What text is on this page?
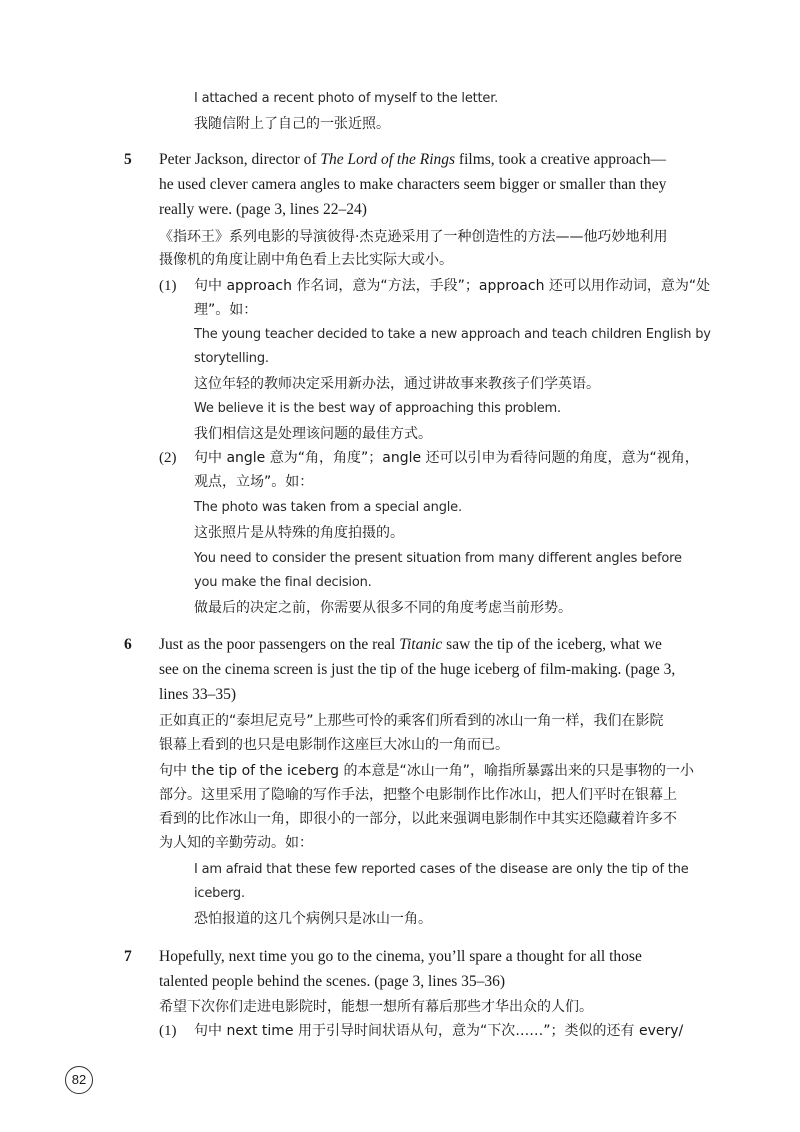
I attached a recent photo of myself to the letter.
我随信附上了自己的一张近照。
5 Peter Jackson, director of The Lord of the Rings films, took a creative approach—
he used clever camera angles to make characters seem bigger or smaller than they
really were. (page 3, lines 22–24)
《指环王》系列电影的导演彼得·杰克逊采用了一种创造性的方法——他巧妙地利用
摄像机的角度让剧中角色看上去比实际大或小。
(1) 句中 approach 作名词，意为“方法，手段”；approach 还可以用作动词，意为“处
理”。如：
The young teacher decided to take a new approach and teach children English by
storytelling.
这位年轻的教师决定采用新办法，通过讲故事来教孩子们学英语。
We believe it is the best way of approaching this problem.
我们相信这是处理该问题的最佳方式。
(2) 句中 angle 意为“角，角度”；angle 还可以引申为看待问题的角度，意为“视角，
观点，立场”。如：
The photo was taken from a special angle.
这张照片是从特殊的角度拍摄的。
You need to consider the present situation from many different angles before
you make the final decision.
做最后的决定之前，你需要从很多不同的角度考虑当前形势。
6 Just as the poor passengers on the real Titanic saw the tip of the iceberg, what we
see on the cinema screen is just the tip of the huge iceberg of film-making. (page 3,
lines 33–35)
正如真正的“泰坦尼克号”上那些可怜的乘客们所看到的冰山一角一样，我们在影院
银幕上看到的也只是电影制作这座巨大冰山的一角而已。
句中 the tip of the iceberg 的本意是“冰山一角”，喻指所暴露出来的只是事物的一小
部分。这里采用了隐喻的写作手法，把整个电影制作比作冰山，把人们平时在银幕上
看到的比作冰山一角，即很小的一部分，以此来强调电影制作中其实还隐藏着许多不
为人知的辛勤劳动。如：
I am afraid that these few reported cases of the disease are only the tip of the
iceberg.
恐怕报道的这几个病例只是冰山一角。
7 Hopefully, next time you go to the cinema, you’ll spare a thought for all those
talented people behind the scenes. (page 3, lines 35–36)
希望下次你们走进电影院时，能想一想所有幕后那些才华出众的人们。
(1) 句中 next time 用于引导时间状语从句，意为“下次……”；类似的还有 every/
82
